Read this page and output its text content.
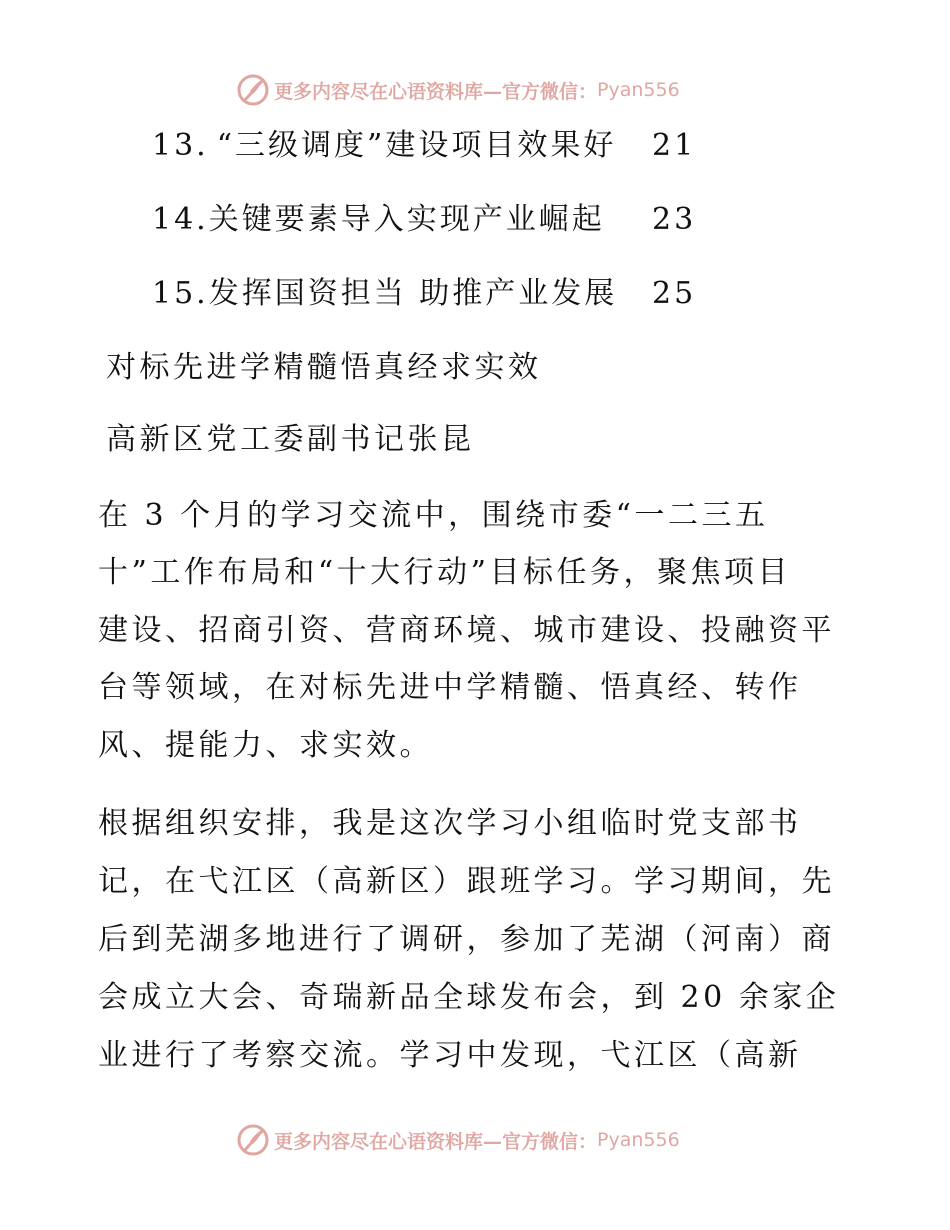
更多内容尽在心语资料库—官方微信： Pyan556
13. “三级调度”建设项目效果好 21
14.关键要素导入实现产业崛起 23
15.发挥国资担当 助推产业发展 25
对标先进学精髓悟真经求实效
高新区党工委副书记张昆
在 3 个月的学习交流中，围绕市委“一二三五
十”工作布局和“十大行动”目标任务，聚焦项目
建设、招商引资、营商环境、城市建设、投融资平
台等领域，在对标先进中学精髓、悟真经、转作
风、提能力、求实效。
根据组织安排，我是这次学习小组临时党支部书
记，在弋江区（高新区）跟班学习。学习期间，先
后到芜湖多地进行了调研，参加了芜湖（河南）商
会成立大会、奇瑞新品全球发布会，到 20 余家企
业进行了考察交流。学习中发现，弋江区（高新
更多内容尽在心语资料库—官方微信： Pyan556
